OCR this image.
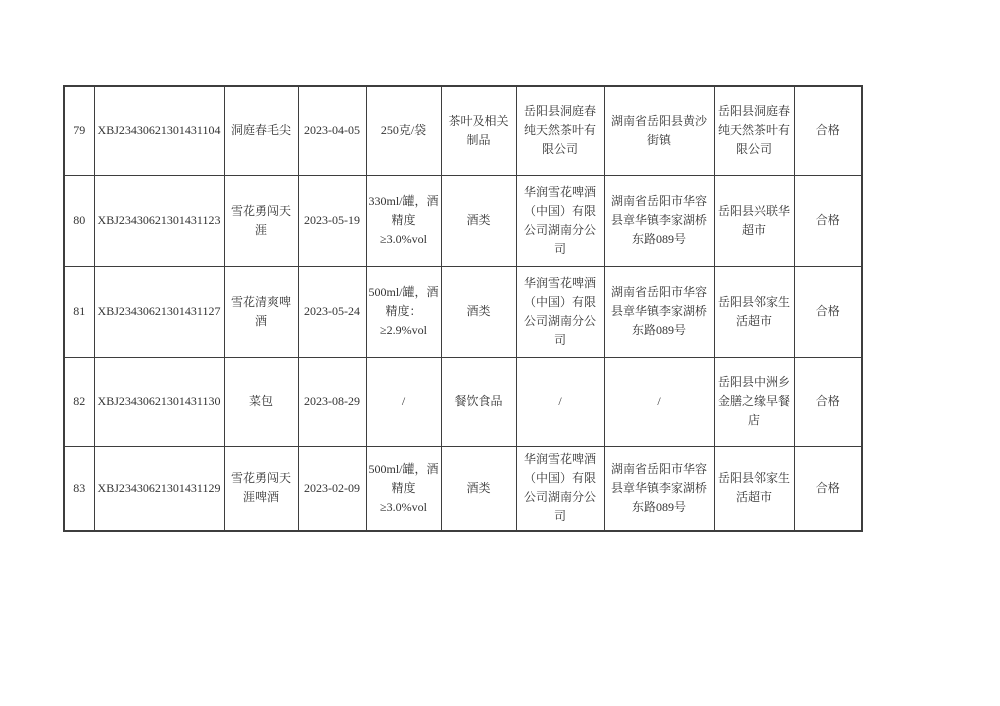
79	XBJ23430621301431104	洞庭春毛尖	2023-04-05	250克/袋	茶叶及相关制品	岳阳县洞庭春纯天然茶叶有限公司	湖南省岳阳县黄沙街镇	岳阳县洞庭春纯天然茶叶有限公司	合格
80	XBJ23430621301431123	雪花勇闯天涯	2023-05-19	330ml/罐，酒精度≥3.0%vol	酒类	华润雪花啤酒（中国）有限公司湖南分公司	湖南省岳阳市华容县章华镇李家湖桥东路089号	岳阳县兴联华超市	合格
81	XBJ23430621301431127	雪花清爽啤酒	2023-05-24	500ml/罐，酒精度：≥2.9%vol	酒类	华润雪花啤酒（中国）有限公司湖南分公司	湖南省岳阳市华容县章华镇李家湖桥东路089号	岳阳县邻家生活超市	合格
82	XBJ23430621301431130	菜包	2023-08-29	/	餐饮食品	/	/	岳阳县中洲乡金膳之缘早餐店	合格
83	XBJ23430621301431129	雪花勇闯天涯啤酒	2023-02-09	500ml/罐，酒精度≥3.0%vol	酒类	华润雪花啤酒（中国）有限公司湖南分公司	湖南省岳阳市华容县章华镇李家湖桥东路089号	岳阳县邻家生活超市	合格
